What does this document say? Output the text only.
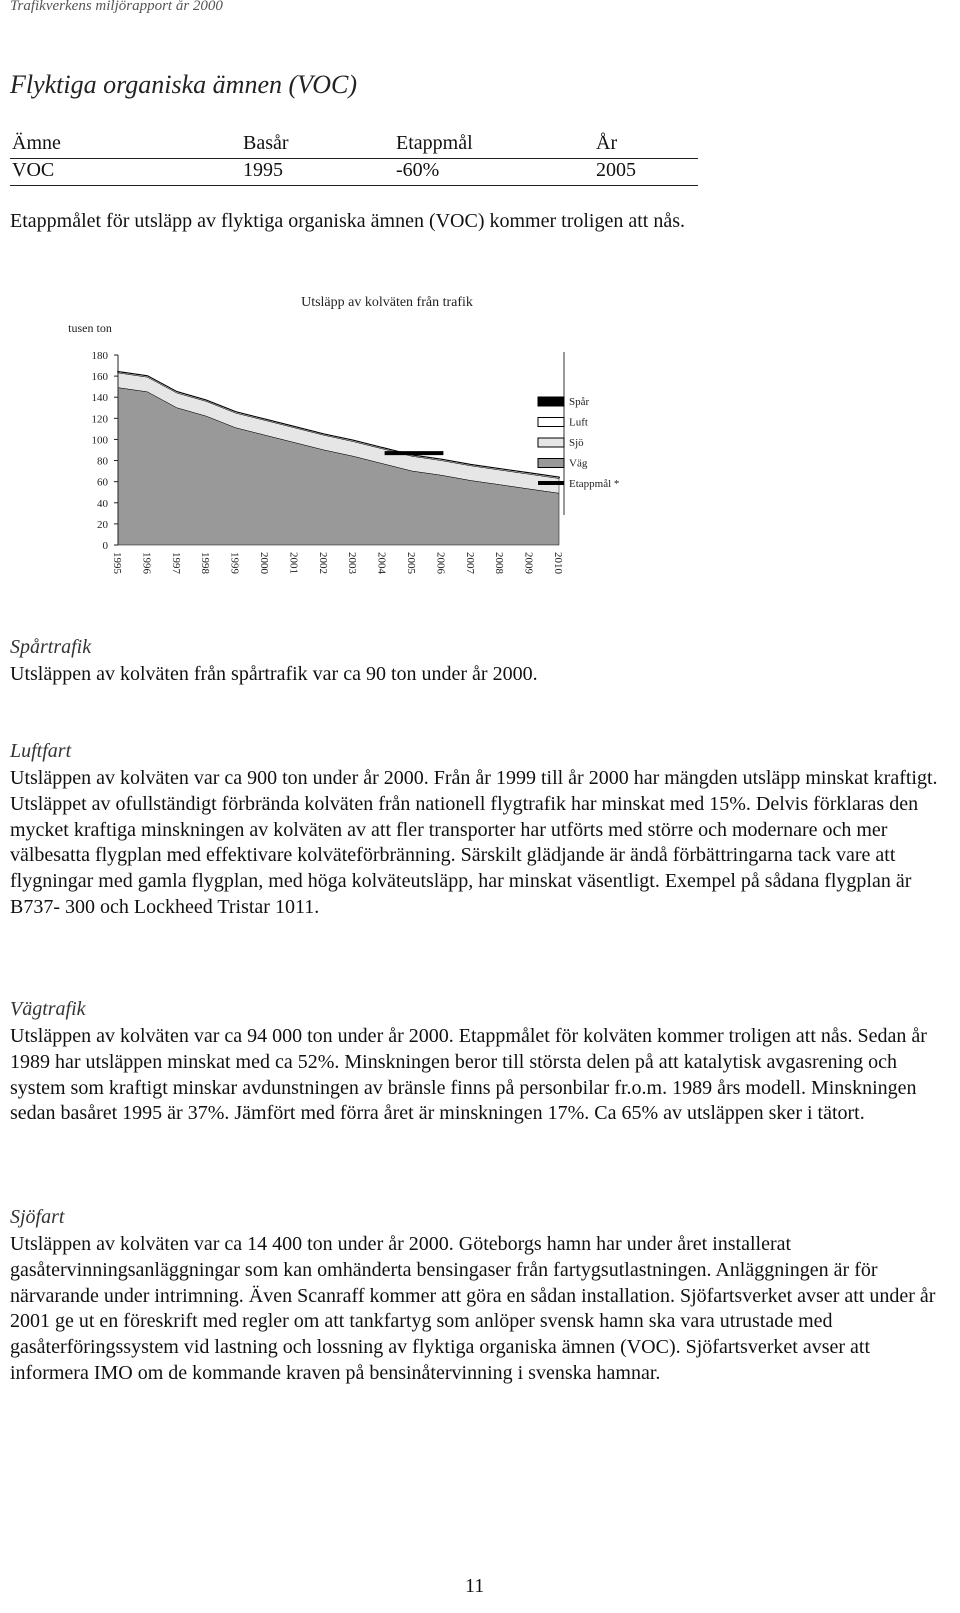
Trafikverkens miljörapport år 2000
Flyktiga organiska ämnen (VOC)
Ämne	Basår	Etappmål	År
VOC	1995	-60%	2005
Etappmålet för utsläpp av flyktiga organiska ämnen (VOC) kommer troligen att nås.
Utsläpp av kolväten från trafik
tusen ton
0
20
40
60
80
100
120
140
160
180
1995 1996 1997 1998 1999 2000 2001 2002 2003 2004 2005 2006 2007 2008 2009 2010
Spår
Luft
Sjö
Väg
Etappmål *
Spårtrafik
Utsläppen av kolväten från spårtrafik var ca 90 ton under år 2000.
Luftfart
Utsläppen av kolväten var ca 900 ton under år 2000. Från år 1999 till år 2000 har mängden utsläpp minskat kraftigt. Utsläppet av ofullständigt förbrända kolväten från nationell flygtrafik har minskat med 15%. Delvis förklaras den mycket kraftiga minskningen av kolväten av att fler transporter har utförts med större och modernare och mer välbesatta flygplan med effektivare kolväteförbränning. Särskilt glädjande är ändå förbättringarna tack vare att flygningar med gamla flygplan, med höga kolväteutsläpp, har minskat väsentligt. Exempel på sådana flygplan är B737- 300 och Lockheed Tristar 1011.
Vägtrafik
Utsläppen av kolväten var ca 94 000 ton under år 2000. Etappmålet för kolväten kommer troligen att nås. Sedan år 1989 har utsläppen minskat med ca 52%. Minskningen beror till största delen på att katalytisk avgasrening och system som kraftigt minskar avdunstningen av bränsle finns på personbilar fr.o.m. 1989 års modell. Minskningen sedan basåret 1995 är 37%. Jämfört med förra året är minskningen 17%. Ca 65% av utsläppen sker i tätort.
Sjöfart
Utsläppen av kolväten var ca 14 400 ton under år 2000. Göteborgs hamn har under året installerat gasåtervinningsanläggningar som kan omhänderta bensingaser från fartygsutlastningen. Anläggningen är för närvarande under intrimning. Även Scanraff kommer att göra en sådan installation. Sjöfartsverket avser att under år 2001 ge ut en föreskrift med regler om att tankfartyg som anlöper svensk hamn ska vara utrustade med gasåterföringssystem vid lastning och lossning av flyktiga organiska ämnen (VOC). Sjöfartsverket avser att informera IMO om de kommande kraven på bensinåtervinning i svenska hamnar.
11
